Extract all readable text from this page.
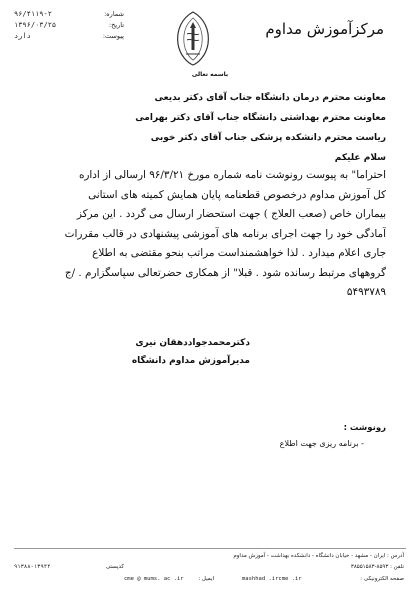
مرکزآموزش مداوم
۹۶/۴۱۱۹-۲	شماره:
۱۳۹۶/۰۳/۲۵	تاریخ:
دارد	پیوست:
باسمه تعالی
معاونت محترم درمان دانشگاه جناب آقای دکتر بدیعی
معاونت محترم بهداشتی دانشگاه جناب آقای دکتر بهرامی
ریاست محترم دانشکده پزشکی جناب آقای دکتر خوبی
سلام علیکم
احتراما" به پیوست رونوشت نامه شماره مورخ ۹۶/۳/۲۱ ارسالی از اداره
کل آموزش مداوم درخصوص قطعنامه پایان همایش کمیته های استانی
بیماران خاص (صعب العلاج ) جهت استحضار ارسال می گردد . این مرکز
آمادگی خود را جهت اجرای برنامه های آموزشی پیشنهادی در قالب مقررات
جاری اعلام میدارد . لذا خواهشمنداست مراتب بنحو مقتضی به اطلاع
گروههای مرتبط رسانده شود . قبلا" از همکاری حضرتعالی سپاسگزارم . /ج
۵۴۹۳۷۸۹
دکترمحمدجواددهقان نیری
مدیرآموزش مداوم دانشگاه
رونوشت :
- برنامه ریزی جهت اطلاع
آدرس : ایران - مشهد - خیابان دانشگاه - دانشکده بهداشت - آموزش مداوم
۹۱۳۸۸-۱۳۹۴۴	کدپستی	تلفن : ۸۵۹۳-۳۸۵۵۱۵۸۳
cme @ mums. ac .ir	ایمیل :	mashhad .ircme .ir	صفحه الکترونیکی :
